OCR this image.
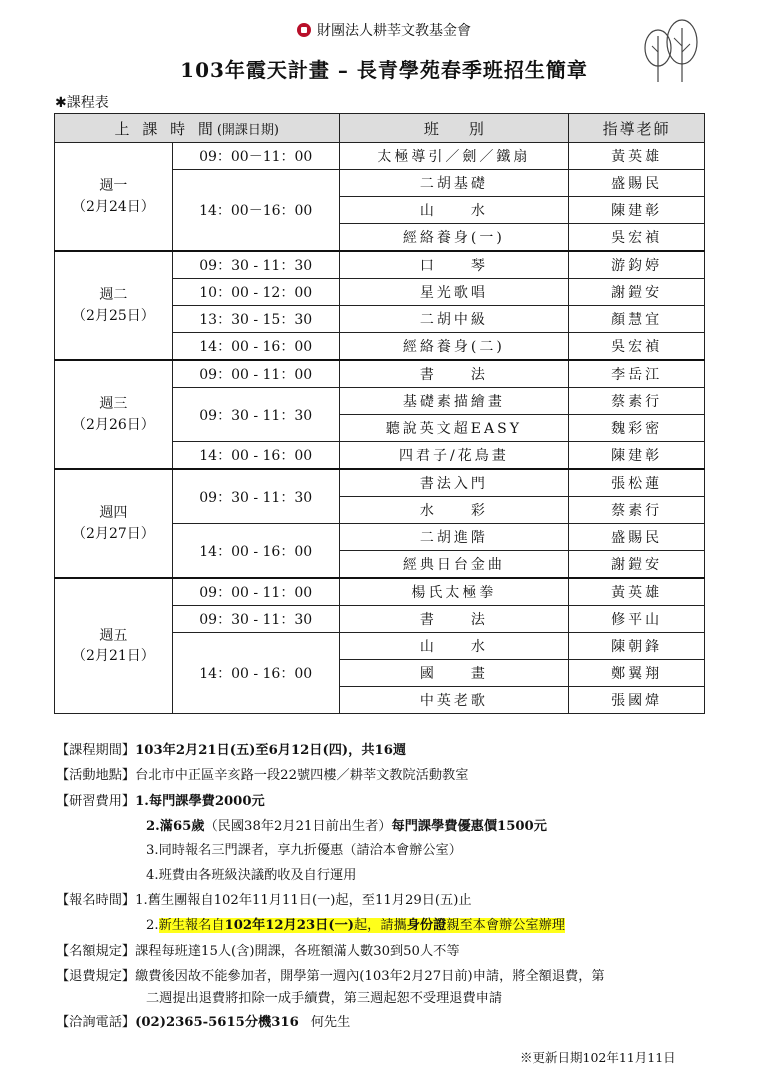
財團法人耕莘文教基金會
103年霞天計畫 – 長青學苑春季班招生簡章
✱課程表
上 課 時 間(開課日期)		班　　別	指導老師

週一
（2月24日）	09：00－11：00	太極導引／劍／鐵扇	黃英雄
	14：00－16：00	二胡基礎	盛賜民
		山　　水	陳建彰
		經絡養身(一)	吳宏禎

週二
（2月25日）	09：30 - 11：30	口　　琴	游鈞婷
	10：00 - 12：00	星光歌唱	謝鎧安
	13：30 - 15：30	二胡中級	顏慧宜
	14：00 - 16：00	經絡養身(二)	吳宏禎

週三
（2月26日）	09：00 - 11：00	書　　法	李岳江
	09：30 - 11：30	基礎素描繪畫	蔡素行
		聽說英文超EASY	魏彩密
	14：00 - 16：00	四君子/花鳥畫	陳建彰

週四
（2月27日）	09：30 - 11：30	書法入門	張松蓮
		水　　彩	蔡素行
	14：00 - 16：00	二胡進階	盛賜民
		經典日台金曲	謝鎧安

週五
（2月21日）	09：00 - 11：00	楊氏太極拳	黃英雄
	09：30 - 11：30	書　　法	修平山
	14：00 - 16：00	山　　水	陳朝鋒
		國　　畫	鄭翼翔
		中英老歌	張國煒
【課程期間】103年2月21日(五)至6月12日(四)，共16週
【活動地點】台北市中正區辛亥路一段22號四樓／耕莘文教院活動教室
【研習費用】1.每門課學費2000元
2.滿65歲（民國38年2月21日前出生者）每門課學費優惠價1500元
3.同時報名三門課者，享九折優惠（請洽本會辦公室）
4.班費由各班級決議酌收及自行運用
【報名時間】1.舊生團報自102年11月11日(一)起，至11月29日(五)止
2.新生報名自102年12月23日(一)起，請攜身份證親至本會辦公室辦理
【名額規定】課程每班達15人(含)開課，各班額滿人數30到50人不等
【退費規定】繳費後因故不能參加者，開學第一週內(103年2月27日前)申請，將全額退費，第
二週提出退費將扣除一成手續費，第三週起恕不受理退費申請
【洽詢電話】(02)2365-5615分機316 何先生
※更新日期102年11月11日
